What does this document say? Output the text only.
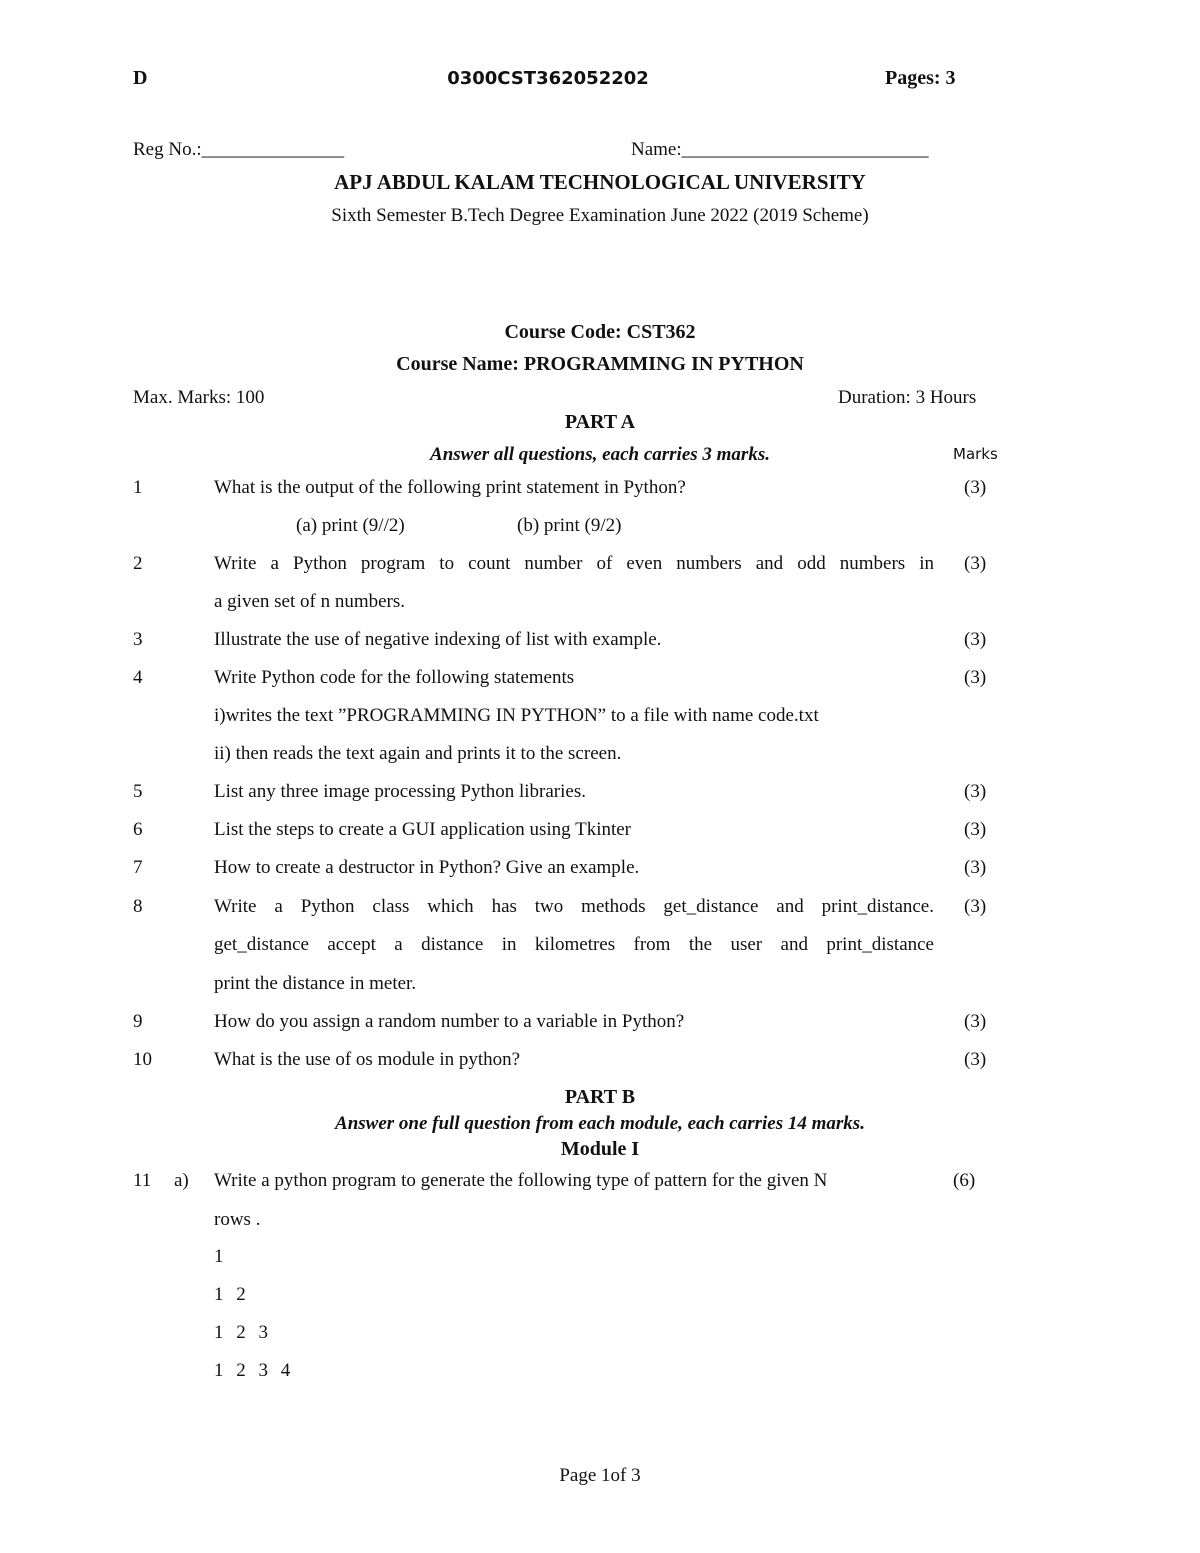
D	0300CST362052202	Pages: 3
Reg No.:_______________	Name:__________________________
APJ ABDUL KALAM TECHNOLOGICAL UNIVERSITY
Sixth Semester B.Tech Degree Examination June 2022 (2019 Scheme)
Course Code: CST362
Course Name: PROGRAMMING IN PYTHON
Max. Marks: 100	Duration: 3 Hours
PART A
Answer all questions, each carries 3 marks.	Marks
1	What is the output of the following print statement in Python?	(3)
(a) print (9//2)	(b) print (9/2)
2	Write a Python program to count number of even numbers and odd numbers in (3)
a given set of n numbers.
3	Illustrate the use of negative indexing of list with example.	(3)
4	Write Python code for the following statements	(3)
i)writes the text ”PROGRAMMING IN PYTHON” to a file with name code.txt
ii) then reads the text again and prints it to the screen.
5	List any three image processing Python libraries.	(3)
6	List the steps to create a GUI application using Tkinter	(3)
7	How to create a destructor in Python? Give an example.	(3)
8	Write a Python class which has two methods get_distance and print_distance. (3)
get_distance accept a distance in kilometres from the user and print_distance
print the distance in meter.
9	How do you assign a random number to a variable in Python?	(3)
10	What is the use of os module in python?	(3)
PART B
Answer one full question from each module, each carries 14 marks.
Module I
11 a) Write a python program to generate the following type of pattern for the given N	(6)
rows .
1
1 2
1 2 3
1 2 3 4
Page 1of 3
